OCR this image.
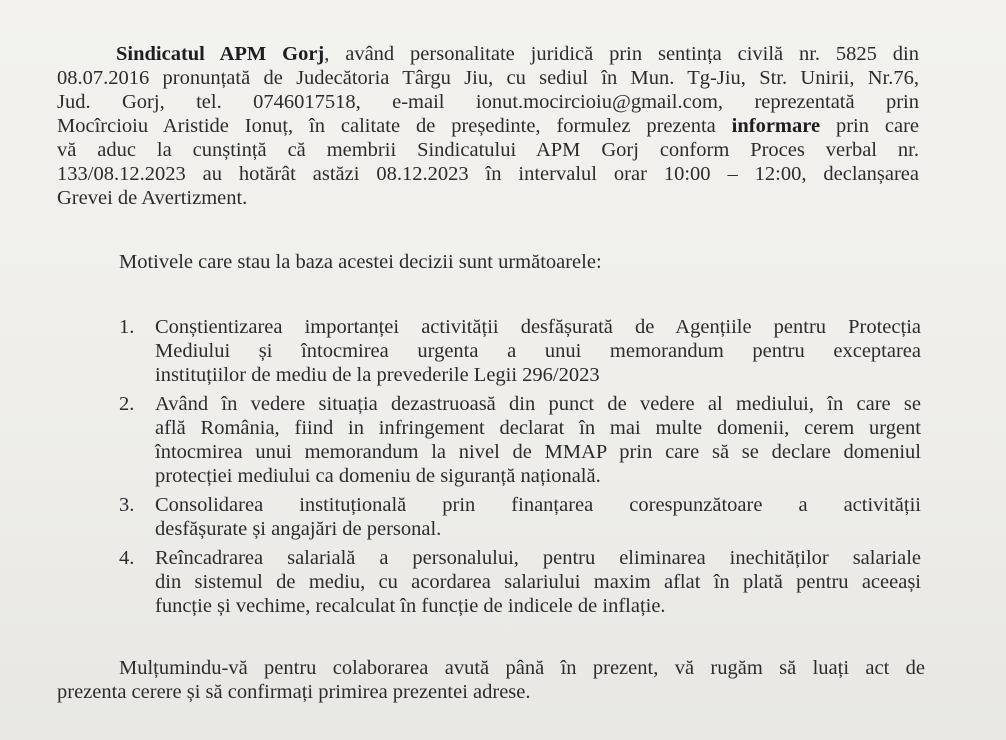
Sindicatul APM Gorj, având personalitate juridică prin sentința civilă nr. 5825 din
08.07.2016 pronunțată de Judecătoria Târgu Jiu, cu sediul în Mun. Tg-Jiu, Str. Unirii, Nr.76,
Jud. Gorj, tel. 0746017518, e-mail ionut.mocircioiu@gmail.com, reprezentată prin
Mocîrcioiu Aristide Ionuț, în calitate de președinte, formulez prezenta informare prin care
vă aduc la cunștință că membrii Sindicatului APM Gorj conform Proces verbal nr.
133/08.12.2023 au hotărât astăzi 08.12.2023 în intervalul orar 10:00 – 12:00, declanșarea
Grevei de Avertizment.
Motivele care stau la baza acestei decizii sunt următoarele:
1. Conștientizarea importanței activității desfășurată de Agențiile pentru Protecția
Mediului și întocmirea urgenta a unui memorandum pentru exceptarea
instituțiilor de mediu de la prevederile Legii 296/2023
2. Având în vedere situația dezastruoasă din punct de vedere al mediului, în care se
află România, fiind in infringement declarat în mai multe domenii, cerem urgent
întocmirea unui memorandum la nivel de MMAP prin care să se declare domeniul
protecției mediului ca domeniu de siguranță națională.
3. Consolidarea instituțională prin finanțarea corespunzătoare a activității
desfășurate și angajări de personal.
4. Reîncadrarea salarială a personalului, pentru eliminarea inechităților salariale
din sistemul de mediu, cu acordarea salariului maxim aflat în plată pentru aceeași
funcție și vechime, recalculat în funcție de indicele de inflație.
Mulțumindu-vă pentru colaborarea avută până în prezent, vă rugăm să luați act de
prezenta cerere și să confirmați primirea prezentei adrese.
